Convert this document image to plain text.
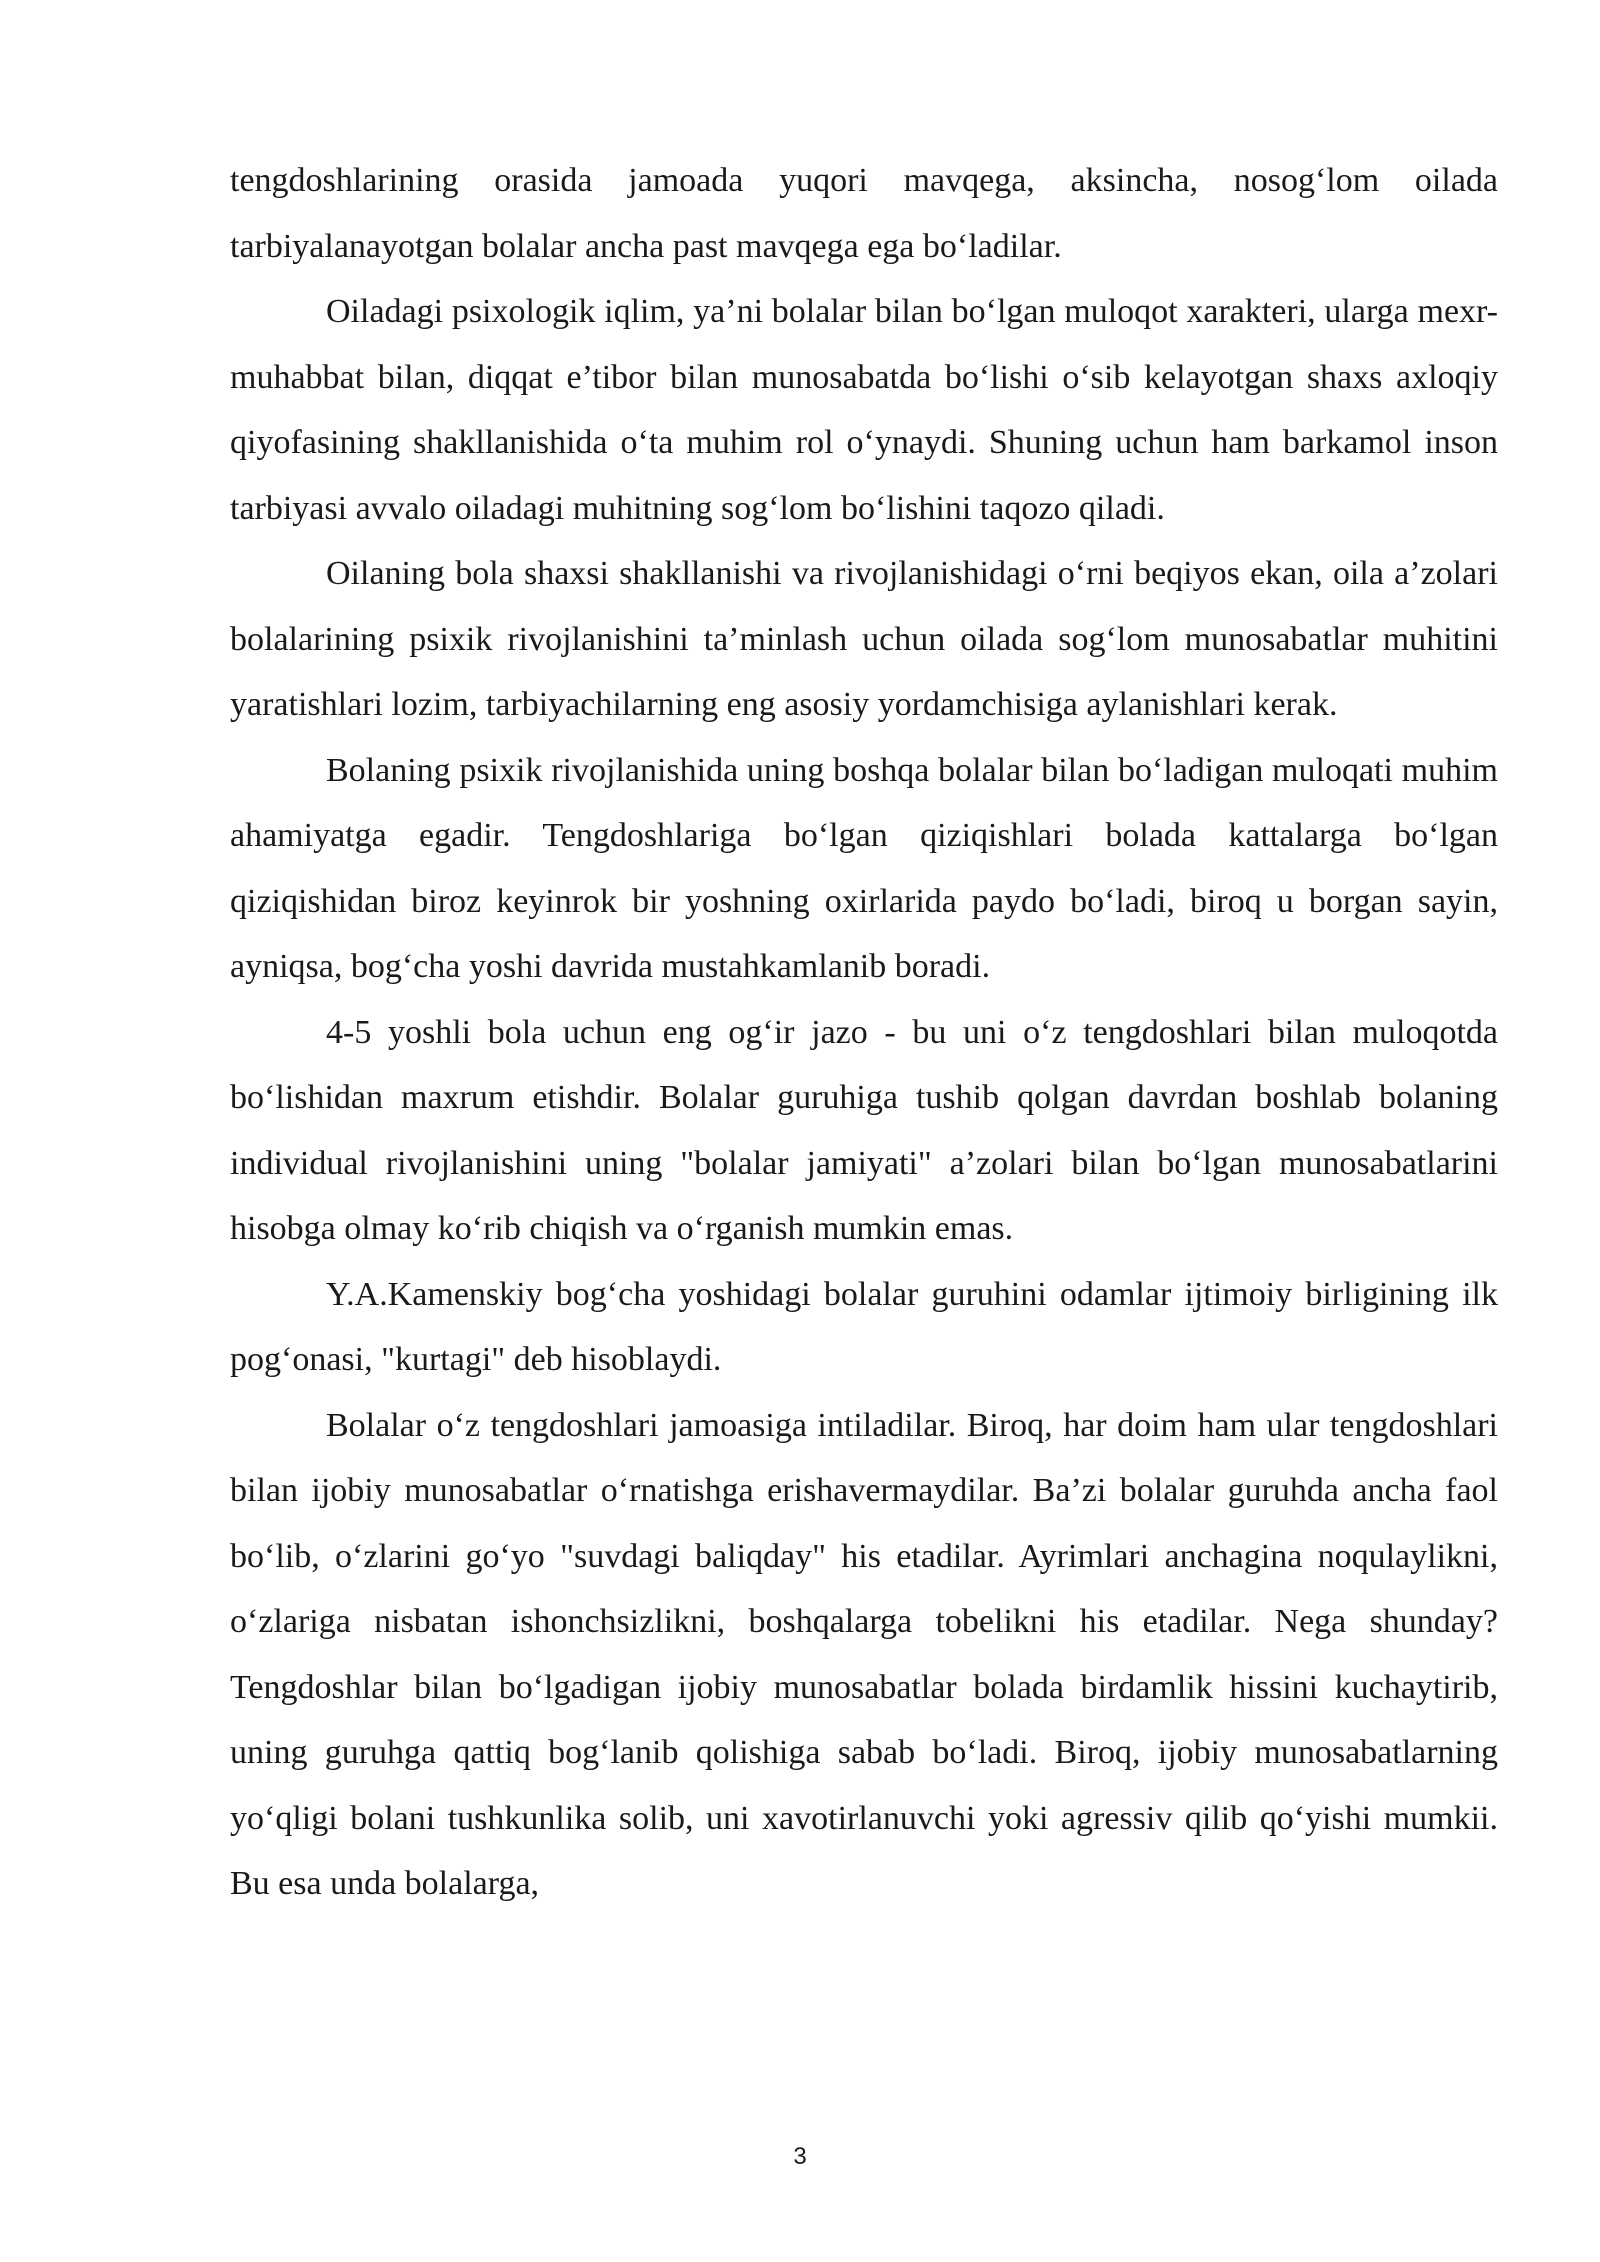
tengdoshlarining orasida jamoada yuqori mavqega, aksincha, nosog‘lom oilada tarbiyalanayotgan bolalar ancha past mavqega ega bo‘ladilar.

Oiladagi psixologik iqlim, ya’ni bolalar bilan bo‘lgan muloqot xarakteri, ularga mexr-muhabbat bilan, diqqat e’tibor bilan munosabatda bo‘lishi o‘sib kelayotgan shaxs axloqiy qiyofasining shakllanishida o‘ta muhim rol o‘ynaydi. Shuning uchun ham barkamol inson tarbiyasi avvalo oiladagi muhitning sog‘lom bo‘lishini taqozo qiladi.

Oilaning bola shaxsi shakllanishi va rivojlanishidagi o‘rni beqiyos ekan, oila a’zolari bolalarining psixik rivojlanishini ta’minlash uchun oilada sog‘lom munosabatlar muhitini yaratishlari lozim, tarbiyachilarning eng asosiy yordamchisiga aylanishlari kerak.

Bolaning psixik rivojlanishida uning boshqa bolalar bilan bo‘ladigan muloqati muhim ahamiyatga egadir. Tengdoshlariga bo‘lgan qiziqishlari bolada kattalarga bo‘lgan qiziqishidan biroz keyinrok bir yoshning oxirlarida paydo bo‘ladi, biroq u borgan sayin, ayniqsa, bog‘cha yoshi davrida mustahkamlanib boradi.

4-5 yoshli bola uchun eng og‘ir jazo - bu uni o‘z tengdoshlari bilan muloqotda bo‘lishidan maxrum etishdir. Bolalar guruhiga tushib qolgan davrdan boshlab bolaning individual rivojlanishini uning "bolalar jamiyati" a’zolari bilan bo‘lgan munosabatlarini hisobga olmay ko‘rib chiqish va o‘rganish mumkin emas.

Y.A.Kamenskiy bog‘cha yoshidagi bolalar guruhini odamlar ijtimoiy birligining ilk pog‘onasi, "kurtagi" deb hisoblaydi.

Bolalar o‘z tengdoshlari jamoasiga intiladilar. Biroq, har doim ham ular tengdoshlari bilan ijobiy munosabatlar o‘rnatishga erishavermaydilar. Ba’zi bolalar guruhda ancha faol bo‘lib, o‘zlarini go‘yo "suvdagi baliqday" his etadilar. Ayrimlari anchagina noqulaylikni, o‘zlariga nisbatan ishonchsizlikni, boshqalarga tobelikni his etadilar. Nega shunday? Tengdoshlar bilan bo‘lgadigan ijobiy munosabatlar bolada birdamlik hissini kuchaytirib, uning guruhga qattiq bog‘lanib qolishiga sabab bo‘ladi. Biroq, ijobiy munosabatlarning yo‘qligi bolani tushkunlika solib, uni xavotirlanuvchi yoki agressiv qilib qo‘yishi mumkii. Bu esa unda bolalarga,

3
